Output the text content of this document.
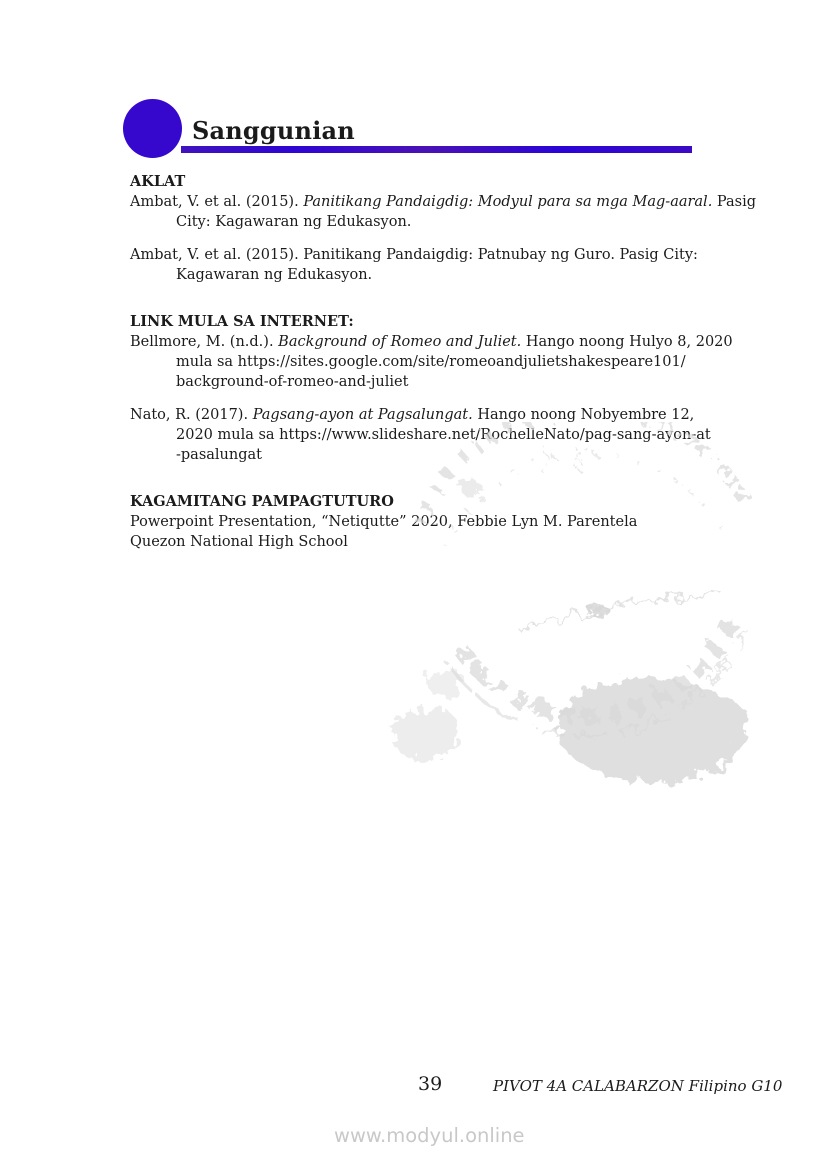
Sanggunian
AKLAT
Ambat, V. et al. (2015). Panitikang Pandaigdig: Modyul para sa mga Mag-aaral. Pasig
City: Kagawaran ng Edukasyon.
Ambat, V. et al. (2015). Panitikang Pandaigdig: Patnubay ng Guro. Pasig City:
Kagawaran ng Edukasyon.
LINK MULA SA INTERNET:
Bellmore, M. (n.d.). Background of Romeo and Juliet. Hango noong Hulyo 8, 2020
mula sa https://sites.google.com/site/romeoandjulietshakespeare101/
background-of-romeo-and-juliet
Nato, R. (2017). Pagsang-ayon at Pagsalungat. Hango noong Nobyembre 12,
2020 mula sa https://www.slideshare.net/RochelleNato/pag-sang-ayon-at
-pasalungat
KAGAMITANG PAMPAGTUTURO
Powerpoint Presentation, “Netiqutte” 2020, Febbie Lyn M. Parentela
Quezon National High School
39	PIVOT 4A CALABARZON Filipino G10
www.modyul.online
